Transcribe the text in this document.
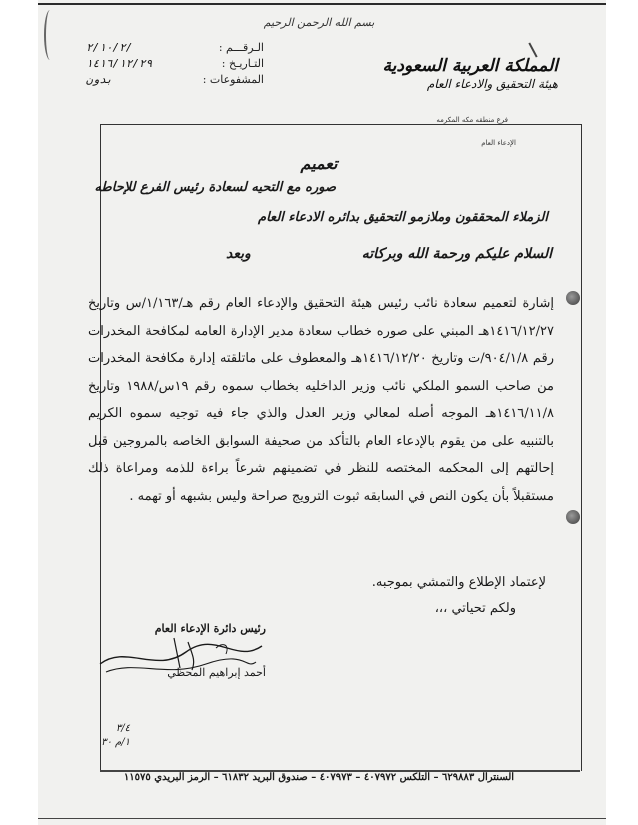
بسم الله الرحمن الرحيم
الـرقـــم :
/٢/١٠/٢
التـاريـخ :
١٤١٦/١٢/٢٩
المشفوعات :
بدون
المملكة العربية السعودية
هيئة التحقيق والادعاء العام
فرع منطقه مكه المكرمه
الإدعاء العام
تعميم
صوره مع التحيه لسعادة رئيس الفرع للإحاطه
الزملاء المحققون وملازمو التحقيق بدائره الادعاء العام
السلام عليكم ورحمة الله وبركاته
وبعد

إشارة لتعميم سعادة نائب رئيس هيئة التحقيق والإدعاء العام رقم هـ/١/١٦٣/س وتاريخ ١٤١٦/١٢/٢٧هـ المبني على صوره خطاب سعادة مدير الإدارة العامه لمكافحة المخدرات رقم ٩٠٤/١/٨/ت وتاريخ ١٤١٦/١٢/٢٠هـ والمعطوف على ماتلقته إدارة مكافحة المخدرات من صاحب السمو الملكي نائب وزير الداخليه بخطاب سموه رقم ١٩س/١٩٨٨ وتاريخ ١٤١٦/١١/٨هـ الموجه أصله لمعالي وزير العدل والذي جاء فيه توجيه سموه الكريم بالتنبيه على من يقوم بالإدعاء العام بالتأكد من صحيفة السوابق الخاصه بالمروجين قبل إحالتهم إلى المحكمه المختصه للنظر في تضمينهم شرعاً براءة للذمه ومراعاة ذلك مستقبلاً بأن يكون النص في السابقه ثبوت الترويج صراحة وليس بشبهه أو تهمه .

لإعتماد الإطلاع والتمشي بموجبه.
ولكم تحياتي ،،،
رئيس دائرة الإدعاء العام
أحمد إبراهيم المحظي
٣/٤
١/م ٣٠
السنترال ٦٢٩٨٨٣ – التلكس ٤٠٧٩٧٢ – ٤٠٧٩٧٣ – صندوق البريد ٦١٨٣٢ – الرمز البريدي ١١٥٧٥
